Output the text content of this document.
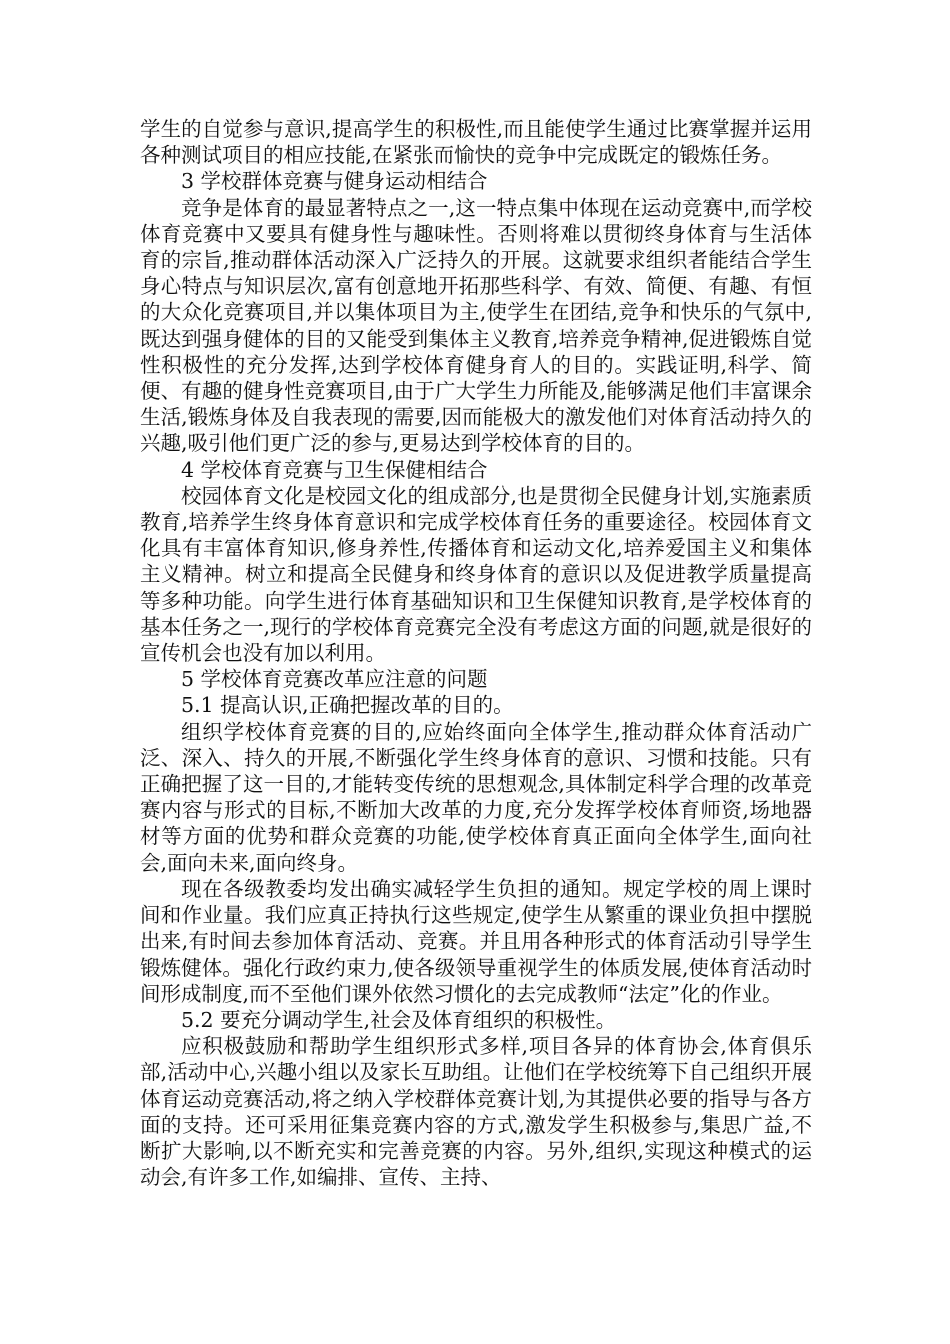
学生的自觉参与意识,提高学生的积极性,而且能使学生通过比赛掌握并运用各种测试项目的相应技能,在紧张而愉快的竞争中完成既定的锻炼任务。

3 学校群体竞赛与健身运动相结合

竞争是体育的最显著特点之一,这一特点集中体现在运动竞赛中,而学校体育竞赛中又要具有健身性与趣味性。否则将难以贯彻终身体育与生活体育的宗旨,推动群体活动深入广泛持久的开展。这就要求组织者能结合学生身心特点与知识层次,富有创意地开拓那些科学、有效、简便、有趣、有恒的大众化竞赛项目,并以集体项目为主,使学生在团结,竞争和快乐的气氛中,既达到强身健体的目的又能受到集体主义教育,培养竞争精神,促进锻炼自觉性积极性的充分发挥,达到学校体育健身育人的目的。实践证明,科学、简便、有趣的健身性竞赛项目,由于广大学生力所能及,能够满足他们丰富课余生活,锻炼身体及自我表现的需要,因而能极大的激发他们对体育活动持久的兴趣,吸引他们更广泛的参与,更易达到学校体育的目的。

4 学校体育竞赛与卫生保健相结合

校园体育文化是校园文化的组成部分,也是贯彻全民健身计划,实施素质教育,培养学生终身体育意识和完成学校体育任务的重要途径。校园体育文化具有丰富体育知识,修身养性,传播体育和运动文化,培养爱国主义和集体主义精神。树立和提高全民健身和终身体育的意识以及促进教学质量提高等多种功能。向学生进行体育基础知识和卫生保健知识教育,是学校体育的基本任务之一,现行的学校体育竞赛完全没有考虑这方面的问题,就是很好的宣传机会也没有加以利用。

5 学校体育竞赛改革应注意的问题

5.1 提高认识,正确把握改革的目的。

组织学校体育竞赛的目的,应始终面向全体学生,推动群众体育活动广泛、深入、持久的开展,不断强化学生终身体育的意识、习惯和技能。只有正确把握了这一目的,才能转变传统的思想观念,具体制定科学合理的改革竞赛内容与形式的目标,不断加大改革的力度,充分发挥学校体育师资,场地器材等方面的优势和群众竞赛的功能,使学校体育真正面向全体学生,面向社会,面向未来,面向终身。

现在各级教委均发出确实减轻学生负担的通知。规定学校的周上课时间和作业量。我们应真正持执行这些规定,使学生从繁重的课业负担中摆脱出来,有时间去参加体育活动、竞赛。并且用各种形式的体育活动引导学生锻炼健体。强化行政约束力,使各级领导重视学生的体质发展,使体育活动时间形成制度,而不至他们课外依然习惯化的去完成教师“法定”化的作业。

5.2 要充分调动学生,社会及体育组织的积极性。

应积极鼓励和帮助学生组织形式多样,项目各异的体育协会,体育俱乐部,活动中心,兴趣小组以及家长互助组。让他们在学校统筹下自己组织开展体育运动竞赛活动,将之纳入学校群体竞赛计划,为其提供必要的指导与各方面的支持。还可采用征集竞赛内容的方式,激发学生积极参与,集思广益,不断扩大影响,以不断充实和完善竞赛的内容。另外,组织,实现这种模式的运动会,有许多工作,如编排、宣传、主持、
